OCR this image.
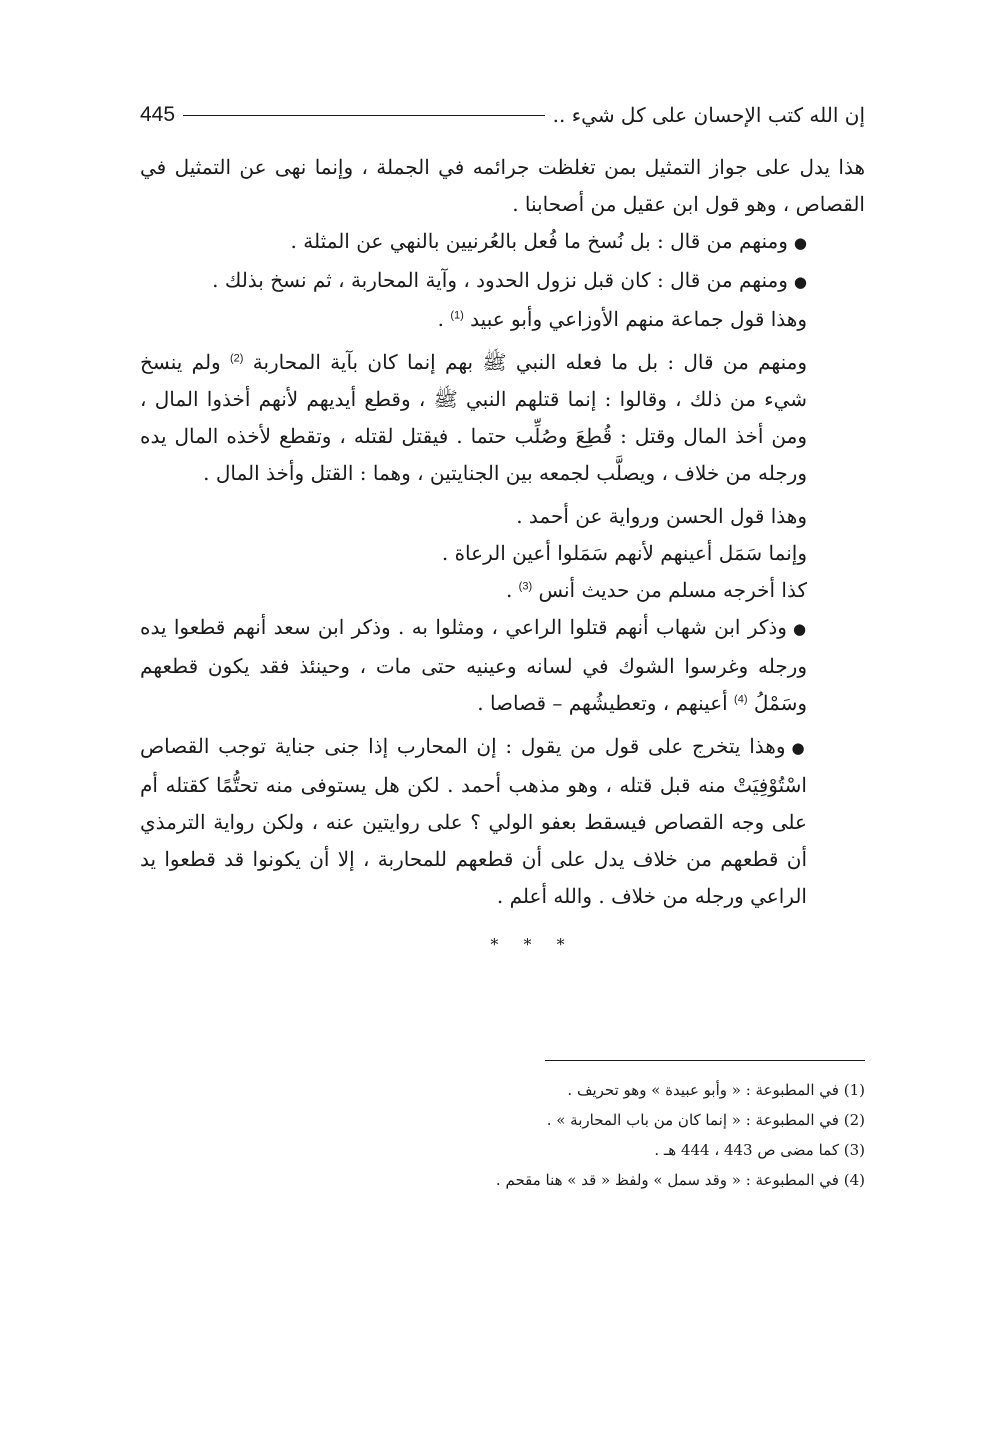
إن الله كتب الإحسان على كل شيء ..
445

هذا يدل على جواز التمثيل بمن تغلظت جرائمه في الجملة ، وإنما نهى عن التمثيل في القصاص ، وهو قول ابن عقيل من أصحابنا .

●ومنهم من قال : بل نُسخ ما فُعل بالعُرنيين بالنهي عن المثلة .

●ومنهم من قال : كان قبل نزول الحدود ، وآية المحاربة ، ثم نسخ بذلك .

وهذا قول جماعة منهم الأوزاعي وأبو عبيد $^{(1)}$ .

ومنهم من قال : بل ما فعله النبي ﷺ بهم إنما كان بآية المحاربة $^{(2)}$ ولم ينسخ شيء من ذلك ، وقالوا : إنما قتلهم النبي ﷺ ، وقطع أيديهم لأنهم أخذوا المال ، ومن أخذ المال وقتل : قُطِعَ وصُلِّب حتما . فيقتل لقتله ، وتقطع لأخذه المال يده ورجله من خلاف ، ويصلَّب لجمعه بين الجنايتين ، وهما : القتل وأخذ المال .

وهذا قول الحسن ورواية عن أحمد .

وإنما سَمَل أعينهم لأنهم سَمَلوا أعين الرعاة .

كذا أخرجه مسلم من حديث أنس $^{(3)}$ .

●وذكر ابن شهاب أنهم قتلوا الراعي ، ومثلوا به . وذكر ابن سعد أنهم قطعوا يده ورجله وغرسوا الشوك في لسانه وعينيه حتى مات ، وحينئذ فقد يكون قطعهم وسَمْلُ $^{(4)}$ أعينهم ، وتعطيشُهم – قصاصا .

●وهذا يتخرج على قول من يقول : إن المحارب إذا جنى جناية توجب القصاص اسْتُوْفِيَتْ منه قبل قتله ، وهو مذهب أحمد . لكن هل يستوفى منه تحتُّمًا كقتله أم على وجه القصاص فيسقط بعفو الولي ؟ على روايتين عنه ، ولكن رواية الترمذي أن قطعهم من خلاف يدل على أن قطعهم للمحاربة ، إلا أن يكونوا قد قطعوا يد الراعي ورجله من خلاف . والله أعلم .

* * *

(1) في المطبوعة : « وأبو عبيدة » وهو تحريف .

(2) في المطبوعة : « إنما كان من باب المحاربة » .

(3) كما مضى ص 443 ، 444 هـ .

(4) في المطبوعة : « وقد سمل » ولفظ « قد » هنا مقحم .
